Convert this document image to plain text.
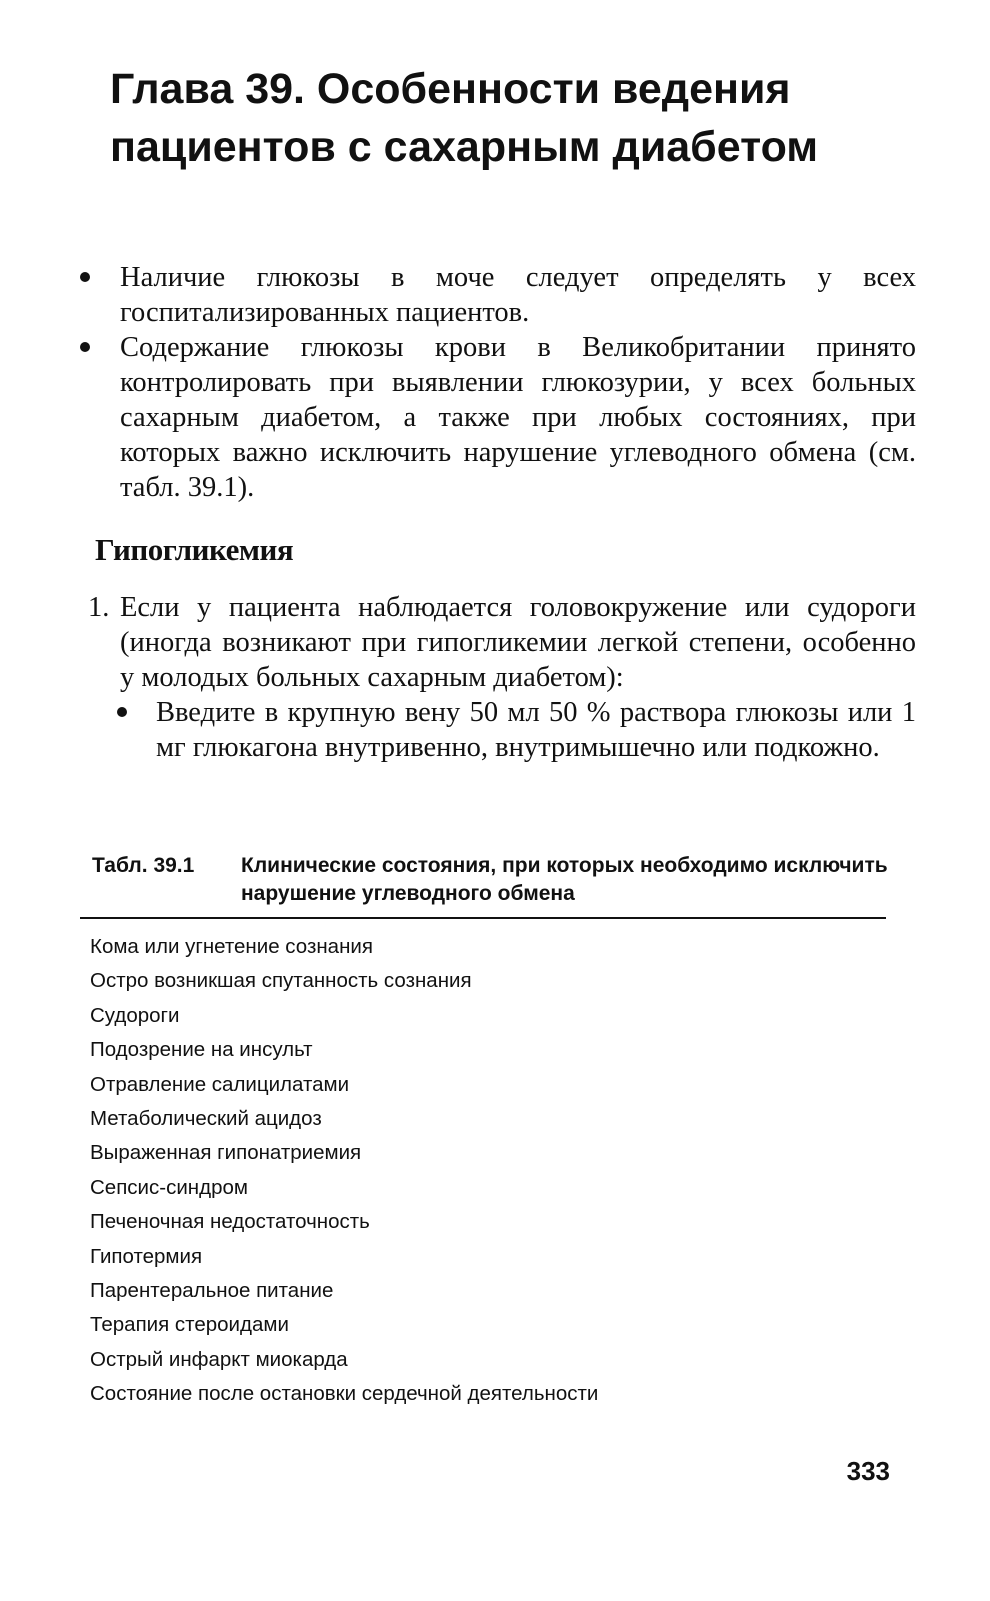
Глава 39. Особенности ведения пациентов с сахарным диабетом
Наличие глюкозы в моче следует определять у всех госпитализированных пациентов.
Содержание глюкозы крови в Великобритании принято контролировать при выявлении глюкозурии, у всех больных сахарным диабетом, а также при любых состояниях, при которых важно исключить нарушение углеводного обмена (см. табл. 39.1).
Гипогликемия
1. Если у пациента наблюдается головокружение или судороги (иногда возникают при гипогликемии легкой степени, особенно у молодых больных сахарным диабетом):
Введите в крупную вену 50 мл 50 % раствора глюкозы или 1 мг глюкагона внутривенно, внутримышечно или подкожно.
Табл. 39.1 Клинические состояния, при которых необходимо исключить нарушение углеводного обмена
Кома или угнетение сознания
Остро возникшая спутанность сознания
Судороги
Подозрение на инсульт
Отравление салицилатами
Метаболический ацидоз
Выраженная гипонатриемия
Сепсис-синдром
Печеночная недостаточность
Гипотермия
Парентеральное питание
Терапия стероидами
Острый инфаркт миокарда
Состояние после остановки сердечной деятельности
333
